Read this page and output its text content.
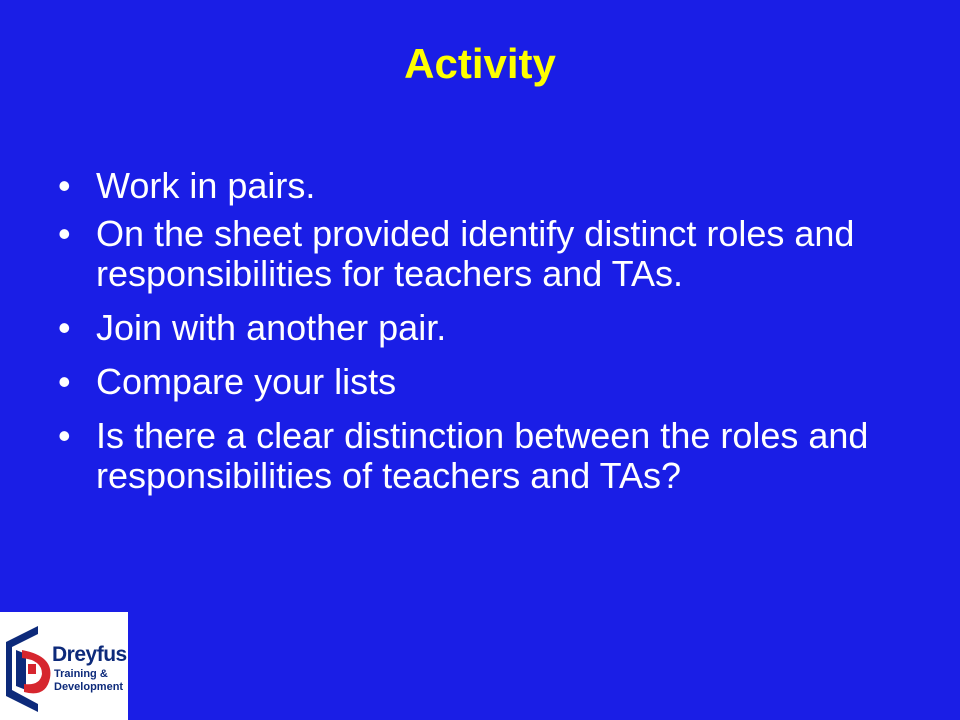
Activity
• Work in pairs.
• On the sheet provided identify distinct roles and responsibilities for teachers and TAs.
• Join with another pair.
• Compare your lists
• Is there a clear distinction between the roles and responsibilities of teachers and TAs?
Dreyfus
Training &
Development
